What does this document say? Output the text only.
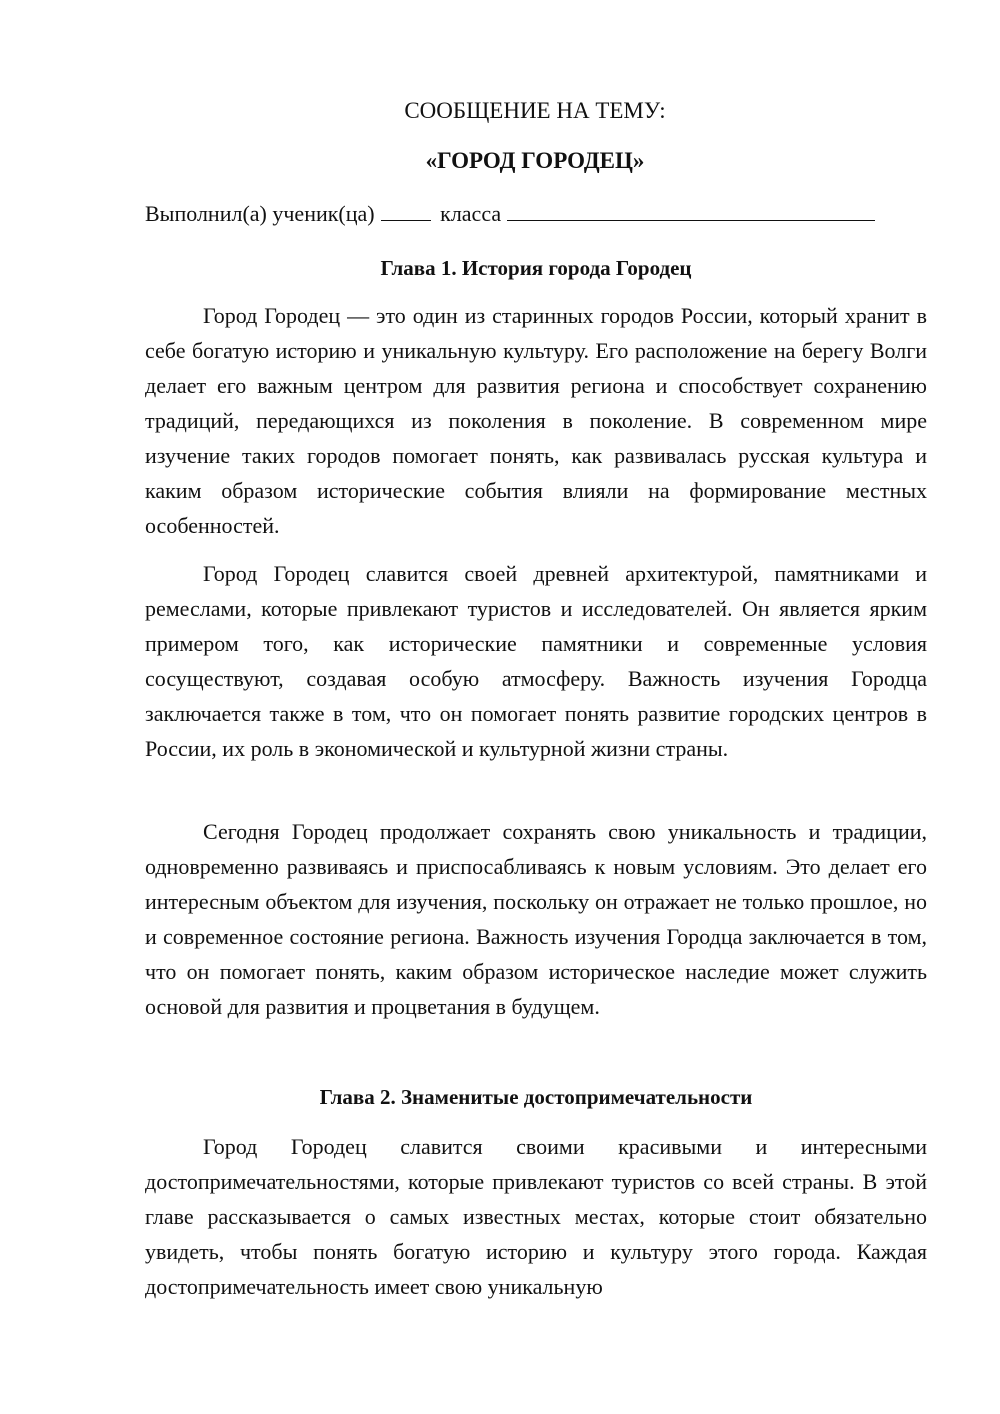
СООБЩЕНИЕ НА ТЕМУ:
«ГОРОД ГОРОДЕЦ»
Выполнил(а) ученик(ца)	класса
Глава 1. История города Городец

Город Городец — это один из старинных городов России, который хранит в себе богатую историю и уникальную культуру. Его расположение на берегу Волги делает его важным центром для развития региона и способствует сохранению традиций, передающихся из поколения в поколение. В современном мире изучение таких городов помогает понять, как развивалась русская культура и каким образом исторические события влияли на формирование местных особенностей.

Город Городец славится своей древней архитектурой, памятниками и ремеслами, которые привлекают туристов и исследователей. Он является ярким примером того, как исторические памятники и современные условия сосуществуют, создавая особую атмосферу. Важность изучения Городца заключается также в том, что он помогает понять развитие городских центров в России, их роль в экономической и культурной жизни страны.

Сегодня Городец продолжает сохранять свою уникальность и традиции, одновременно развиваясь и приспосабливаясь к новым условиям. Это делает его интересным объектом для изучения, поскольку он отражает не только прошлое, но и современное состояние региона. Важность изучения Городца заключается в том, что он помогает понять, каким образом историческое наследие может служить основой для развития и процветания в будущем.

Глава 2. Знаменитые достопримечательности

Город Городец славится своими красивыми и интересными достопримечательностями, которые привлекают туристов со всей страны. В этой главе рассказывается о самых известных местах, которые стоит обязательно увидеть, чтобы понять богатую историю и культуру этого города. Каждая достопримечательность имеет свою уникальную
